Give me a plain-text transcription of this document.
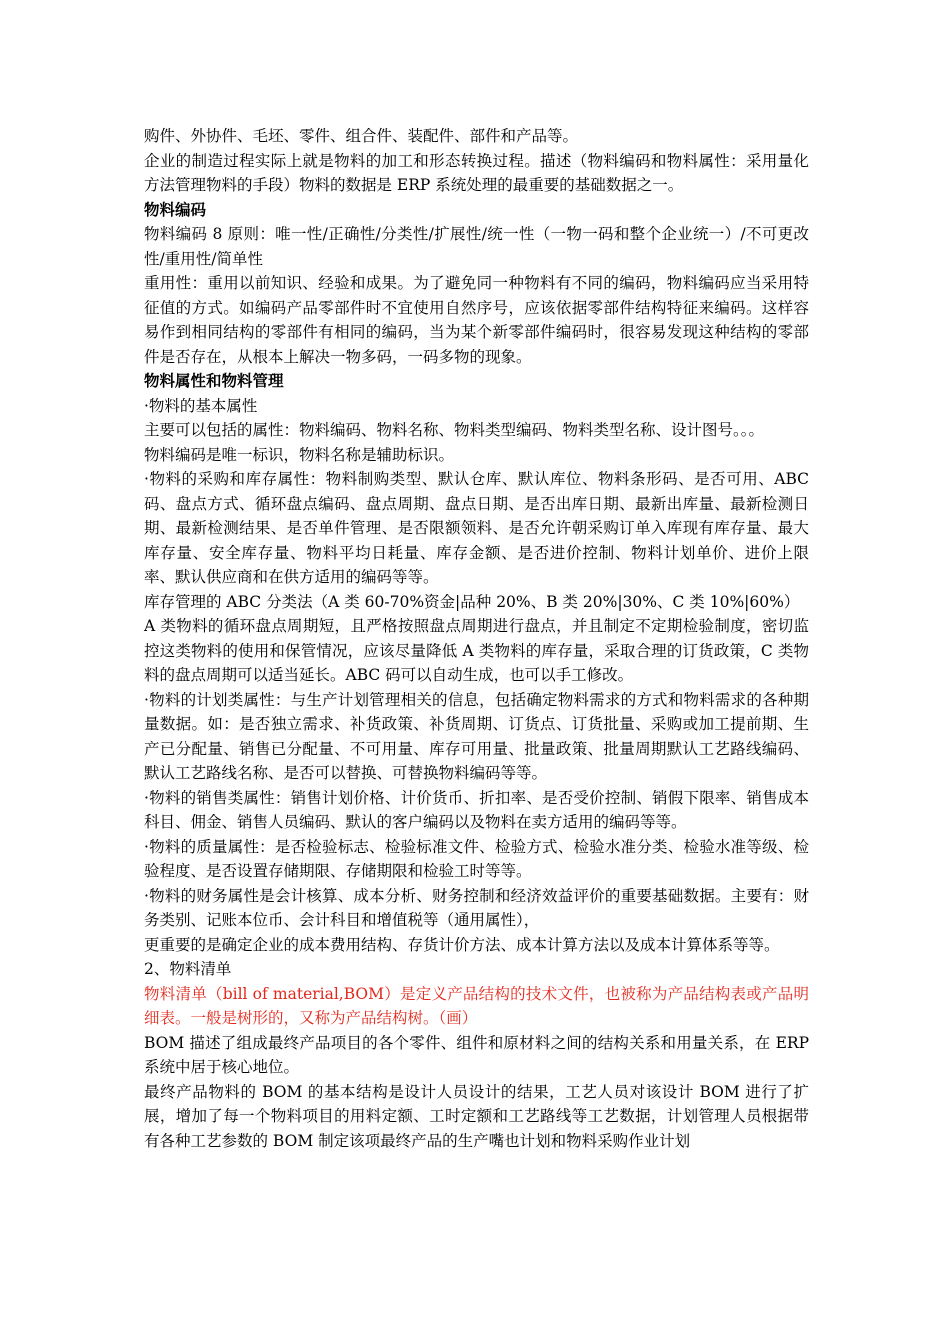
购件、外协件、毛坯、零件、组合件、装配件、部件和产品等。

企业的制造过程实际上就是物料的加工和形态转换过程。描述（物料编码和物料属性：采用量化方法管理物料的手段）物料的数据是 ERP 系统处理的最重要的基础数据之一。

物料编码

物料编码 8 原则：唯一性/正确性/分类性/扩展性/统一性（一物一码和整个企业统一）/不可更改性/重用性/简单性

重用性：重用以前知识、经验和成果。为了避免同一种物料有不同的编码，物料编码应当采用特征值的方式。如编码产品零部件时不宜使用自然序号，应该依据零部件结构特征来编码。这样容易作到相同结构的零部件有相同的编码，当为某个新零部件编码时，很容易发现这种结构的零部件是否存在，从根本上解决一物多码，一码多物的现象。

物料属性和物料管理

·物料的基本属性

主要可以包括的属性：物料编码、物料名称、物料类型编码、物料类型名称、设计图号。。。

物料编码是唯一标识，物料名称是辅助标识。

·物料的采购和库存属性：物料制购类型、默认仓库、默认库位、物料条形码、是否可用、ABC 码、盘点方式、循环盘点编码、盘点周期、盘点日期、是否出库日期、最新出库量、最新检测日期、最新检测结果、是否单件管理、是否限额领料、是否允许朝采购订单入库现有库存量、最大库存量、安全库存量、物料平均日耗量、库存金额、是否进价控制、物料计划单价、进价上限率、默认供应商和在供方适用的编码等等。

库存管理的 ABC 分类法（A 类 60-70%资金|品种 20%、B 类 20%|30%、C 类 10%|60%）

A 类物料的循环盘点周期短，且严格按照盘点周期进行盘点，并且制定不定期检验制度，密切监控这类物料的使用和保管情况，应该尽量降低 A 类物料的库存量，采取合理的订货政策，C 类物料的盘点周期可以适当延长。ABC 码可以自动生成，也可以手工修改。

·物料的计划类属性：与生产计划管理相关的信息，包括确定物料需求的方式和物料需求的各种期量数据。如：是否独立需求、补货政策、补货周期、订货点、订货批量、采购或加工提前期、生产已分配量、销售已分配量、不可用量、库存可用量、批量政策、批量周期默认工艺路线编码、默认工艺路线名称、是否可以替换、可替换物料编码等等。

·物料的销售类属性：销售计划价格、计价货币、折扣率、是否受价控制、销假下限率、销售成本科目、佣金、销售人员编码、默认的客户编码以及物料在卖方适用的编码等等。

·物料的质量属性：是否检验标志、检验标准文件、检验方式、检验水准分类、检验水准等级、检验程度、是否设置存储期限、存储期限和检验工时等等。

·物料的财务属性是会计核算、成本分析、财务控制和经济效益评价的重要基础数据。主要有：财务类别、记账本位币、会计科目和增值税等（通用属性），

更重要的是确定企业的成本费用结构、存货计价方法、成本计算方法以及成本计算体系等等。

2、物料清单

物料清单（bill of material,BOM）是定义产品结构的技术文件，也被称为产品结构表或产品明细表。一般是树形的，又称为产品结构树。（画）

BOM 描述了组成最终产品项目的各个零件、组件和原材料之间的结构关系和用量关系，在 ERP 系统中居于核心地位。

最终产品物料的 BOM 的基本结构是设计人员设计的结果，工艺人员对该设计 BOM 进行了扩展，增加了每一个物料项目的用料定额、工时定额和工艺路线等工艺数据，计划管理人员根据带有各种工艺参数的 BOM 制定该项最终产品的生产嘴也计划和物料采购作业计划
